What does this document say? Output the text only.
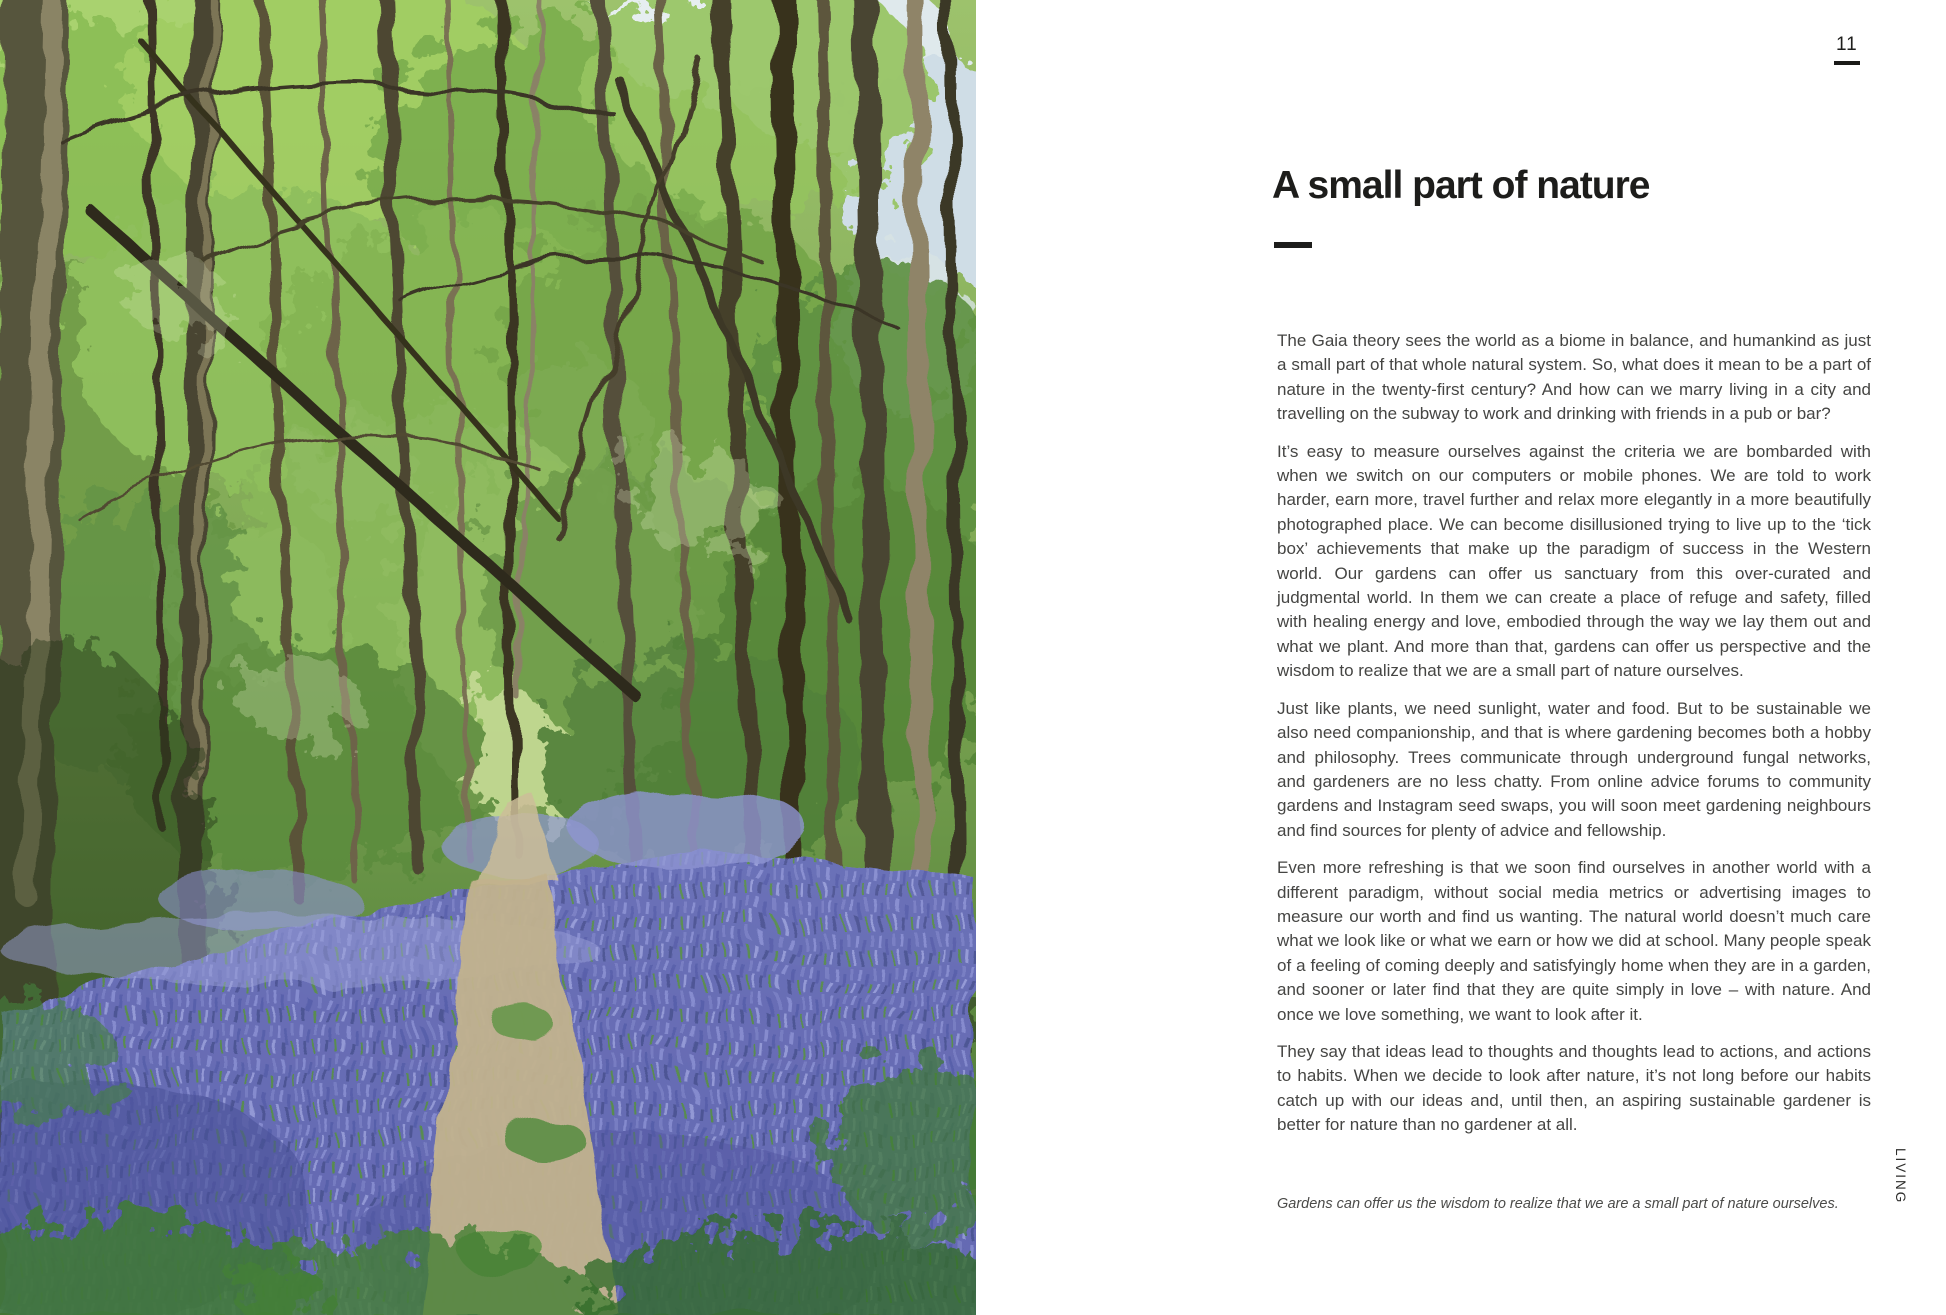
11
A small part of nature

The Gaia theory sees the world as a biome in balance, and humankind as just a small part of that whole natural system. So, what does it mean to be a part of nature in the twenty-first century? And how can we marry living in a city and travelling on the subway to work and drinking with friends in a pub or bar?

It’s easy to measure ourselves against the criteria we are bombarded with when we switch on our computers or mobile phones. We are told to work harder, earn more, travel further and relax more elegantly in a more beautifully photographed place. We can become disillusioned trying to live up to the ‘tick box’ achievements that make up the paradigm of success in the Western world. Our gardens can offer us sanctuary from this over-curated and judgmental world. In them we can create a place of refuge and safety, filled with healing energy and love, embodied through the way we lay them out and what we plant. And more than that, gardens can offer us perspective and the wisdom to realize that we are a small part of nature ourselves.

Just like plants, we need sunlight, water and food. But to be sustainable we also need companionship, and that is where gardening becomes both a hobby and philosophy. Trees communicate through underground fungal networks, and gardeners are no less chatty. From online advice forums to community gardens and Instagram seed swaps, you will soon meet gardening neighbours and find sources for plenty of advice and fellowship.

Even more refreshing is that we soon find ourselves in another world with a different paradigm, without social media metrics or advertising images to measure our worth and find us wanting. The natural world doesn’t much care what we look like or what we earn or how we did at school. Many people speak of a feeling of coming deeply and satisfyingly home when they are in a garden, and sooner or later find that they are quite simply in love – with nature. And once we love something, we want to look after it.

They say that ideas lead to thoughts and thoughts lead to actions, and actions to habits. When we decide to look after nature, it’s not long before our habits catch up with our ideas and, until then, an aspiring sustainable gardener is better for nature than no gardener at all.

Gardens can offer us the wisdom to realize that we are a small part of nature ourselves.	LIVING
